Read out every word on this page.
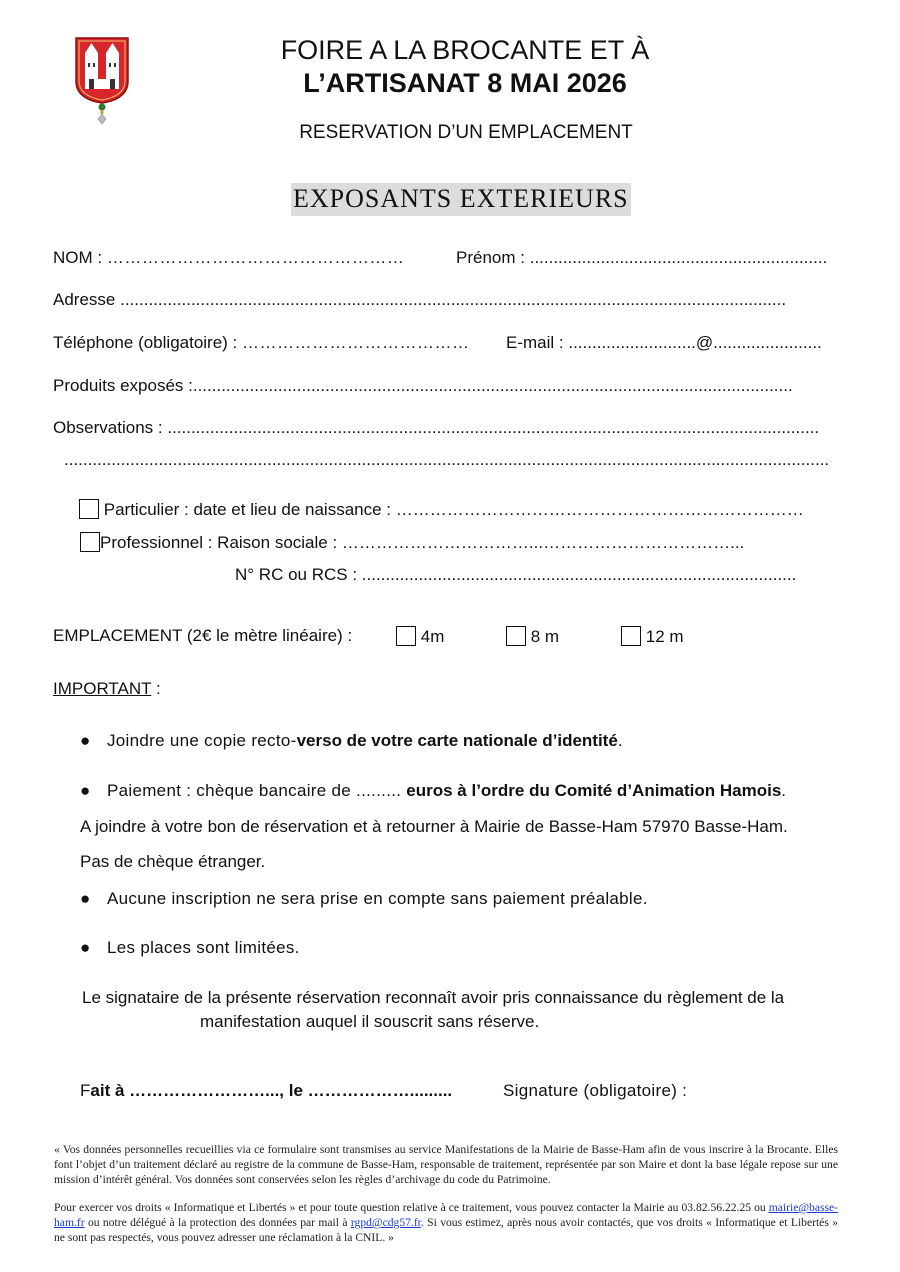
FOIRE A LA BROCANTE ET À
L’ARTISANAT 8 MAI 2026
RESERVATION D’UN EMPLACEMENT
EXPOSANTS EXTERIEURS
NOM : ……………………………………………	Prénom : ...............................................................
Adresse .............................................................................................................................................
Téléphone (obligatoire) : ………………………………… E-mail : ...........................@.......................
Produits exposés :...............................................................................................................................
Observations : ..........................................................................................................................................
..................................................................................................................................................................
Particulier : date et lieu de naissance : ………………………………………………………………
Professionnel : Raison sociale : ……………………………...……………………………...
N° RC ou RCS : ............................................................................................
EMPLACEMENT (2€ le mètre linéaire) :	4m	8 m	12 m
IMPORTANT :
● Joindre une copie recto-verso de votre carte nationale d’identité.
● Paiement : chèque bancaire de ......... euros à l’ordre du Comité d’Animation Hamois.
A joindre à votre bon de réservation et à retourner à Mairie de Basse-Ham 57970 Basse-Ham.
Pas de chèque étranger.
● Aucune inscription ne sera prise en compte sans paiement préalable.
● Les places sont limitées.
Le signataire de la présente réservation reconnaît avoir pris connaissance du règlement de la
manifestation auquel il souscrit sans réserve.
Fait à ……………………..., le ……………….........	Signature (obligatoire) :
« Vos données personnelles recueillies via ce formulaire sont transmises au service Manifestations de la Mairie de Basse-Ham afin de vous inscrire à la Brocante. Elles font l’objet d’un traitement déclaré au registre de la commune de Basse-Ham, responsable de traitement, représentée par son Maire et dont la base légale repose sur une mission d’intérêt général. Vos données sont conservées selon les règles d’archivage du code du Patrimoine.
Pour exercer vos droits « Informatique et Libertés » et pour toute question relative à ce traitement, vous pouvez contacter la Mairie au 03.82.56.22.25 ou mairie@basse-ham.fr ou notre délégué à la protection des données par mail à rgpd@cdg57.fr. Si vous estimez, après nous avoir contactés, que vos droits « Informatique et Libertés » ne sont pas respectés, vous pouvez adresser une réclamation à la CNIL. »
